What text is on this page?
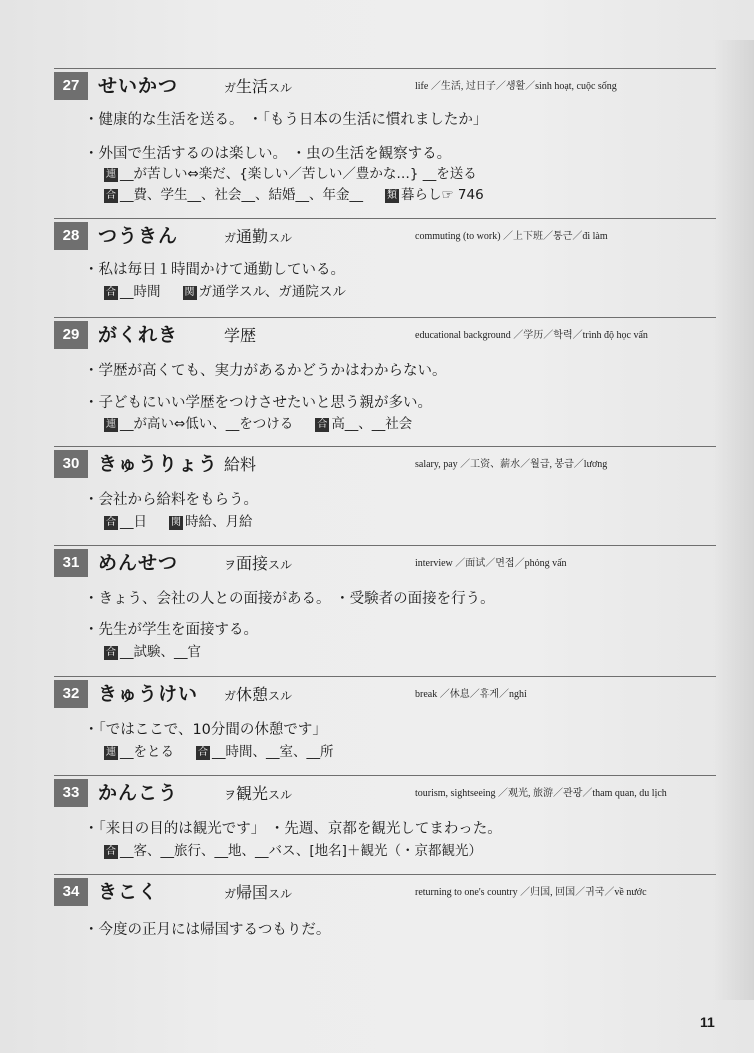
27 せいかつ	ガ生活スル	life ／生活, 过日子／생활／sinh hoạt, cuộc sống
・健康的な生活を送る。 ・「もう日本の生活に慣れましたか」
・外国で生活するのは楽しい。 ・虫の生活を観察する。
連 __が苦しい⇔楽だ、{楽しい／苦しい／豊かな…} __を送る
合 __費、学生__、社会__、結婚__、年金__ 類 暮らし☞ 746
28 つうきん	ガ通勤スル	commuting (to work) ／上下班／통근／đi làm
・私は毎日１時間かけて通勤している。
合 __時間 関 ガ通学スル、ガ通院スル
29 がくれき	学歴	educational background ／学历／학력／trình độ học vấn
・学歴が高くても、実力があるかどうかはわからない。
・子どもにいい学歴をつけさせたいと思う親が多い。
連 __が高い⇔低い、__をつける 合 高__、__社会
30 きゅうりょう 給料	salary, pay ／工资、薪水／월급, 봉급／lương
・会社から給料をもらう。
合 __日 関 時給、月給
31 めんせつ	ヲ面接スル	interview ／面试／면접／phỏng vấn
・きょう、会社の人との面接がある。 ・受験者の面接を行う。
・先生が学生を面接する。
合 __試験、__官
32 きゅうけい ガ休憩スル	break ／休息／휴게／nghỉ
・「ではここで、10分間の休憩です」
連 __をとる 合 __時間、__室、__所
33 かんこう	ヲ観光スル	tourism, sightseeing ／观光, 旅游／관광／tham quan, du lịch
・「来日の目的は観光です」 ・先週、京都を観光してまわった。
合 __客、__旅行、__地、__バス、[地名]＋観光（・京都観光）
34 きこく	ガ帰国スル	returning to one's country ／归国, 回国／귀국／về nước
・今度の正月には帰国するつもりだ。
11
